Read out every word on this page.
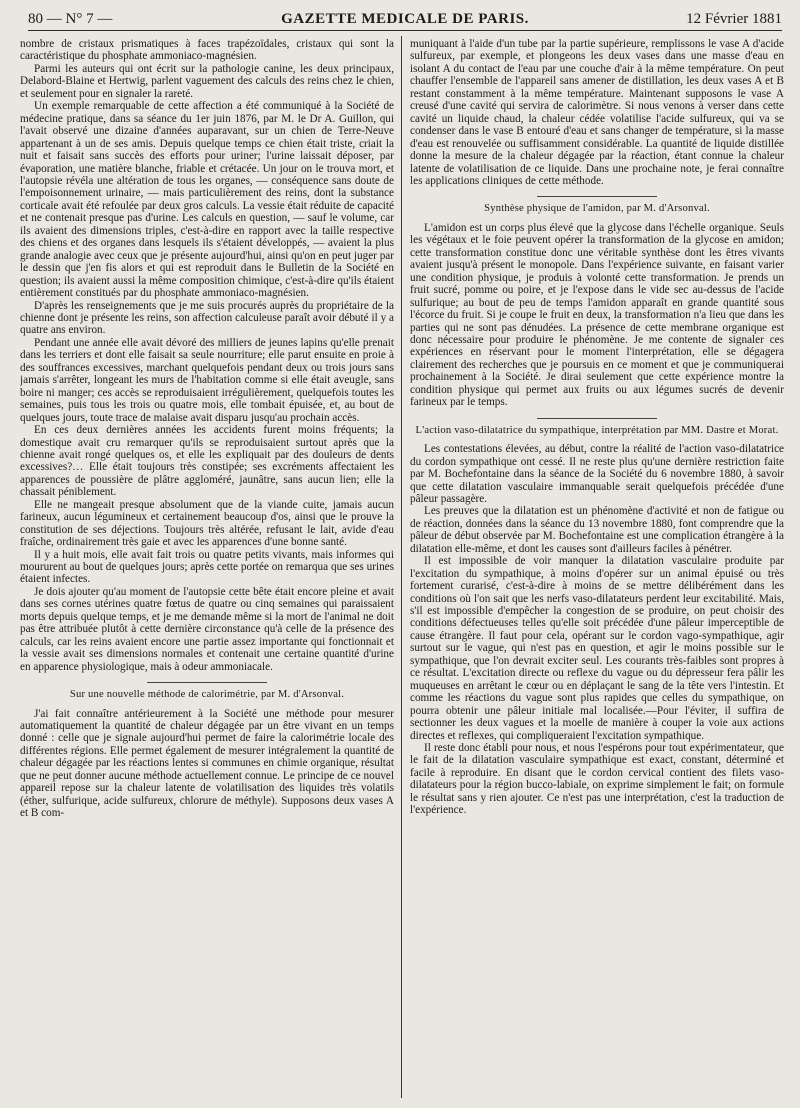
80 — N° 7 —	GAZETTE MEDICALE DE PARIS.	12 Février 1881

nombre de cristaux prismatiques à faces trapézoïdales, cristaux qui sont la caractéristique du phosphate ammoniaco-magnésien.

Parmi les auteurs qui ont écrit sur la pathologie canine, les deux principaux, Delabord-Blaine et Hertwig, parlent vaguement des calculs des reins chez le chien, et seulement pour en signaler la rareté.

Un exemple remarquable de cette affection a été communiqué à la Société de médecine pratique, dans sa séance du 1er juin 1876, par M. le Dr A. Guillon, qui l'avait observé une dizaine d'années auparavant, sur un chien de Terre-Neuve appartenant à un de ses amis. Depuis quelque temps ce chien était triste, criait la nuit et faisait sans succès des efforts pour uriner; l'urine laissait déposer, par évaporation, une matière blanche, friable et crétacée. Un jour on le trouva mort, et l'autopsie révéla une altération de tous les organes, — conséquence sans doute de l'empoisonnement urinaire, — mais particulièrement des reins, dont la substance corticale avait été refoulée par deux gros calculs. La vessie était réduite de capacité et ne contenait presque pas d'urine. Les calculs en question, — sauf le volume, car ils avaient des dimensions triples, c'est-à-dire en rapport avec la taille respective des chiens et des organes dans lesquels ils s'étaient développés, — avaient la plus grande analogie avec ceux que je présente aujourd'hui, ainsi qu'on en peut juger par le dessin que j'en fis alors et qui est reproduit dans le Bulletin de la Société en question; ils avaient aussi la même composition chimique, c'est-à-dire qu'ils étaient entièrement constitués par du phosphate ammoniaco-magnésien.

D'après les renseignements que je me suis procurés auprès du propriétaire de la chienne dont je présente les reins, son affection calculeuse paraît avoir débuté il y a quatre ans environ.

Pendant une année elle avait dévoré des milliers de jeunes lapins qu'elle prenait dans les terriers et dont elle faisait sa seule nourriture; elle parut ensuite en proie à des souffrances excessives, marchant quelquefois pendant deux ou trois jours sans jamais s'arrêter, longeant les murs de l'habitation comme si elle était aveugle, sans boire ni manger; ces accès se reproduisaient irrégulièrement, quelquefois toutes les semaines, puis tous les trois ou quatre mois, elle tombait épuisée, et, au bout de quelques jours, toute trace de malaise avait disparu jusqu'au prochain accès.

En ces deux dernières années les accidents furent moins fréquents; la domestique avait cru remarquer qu'ils se reproduisaient surtout après que la chienne avait rongé quelques os, et elle les expliquait par des douleurs de dents excessives?… Elle était toujours très constipée; ses excréments affectaient les apparences de poussière de plâtre aggloméré, jaunâtre, sans aucun lien; elle la chassait péniblement.

Elle ne mangeait presque absolument que de la viande cuite, jamais aucun farineux, aucun légumineux et certainement beaucoup d'os, ainsi que le prouve la constitution de ses déjections. Toujours très altérée, refusant le lait, avide d'eau fraîche, ordinairement très gaie et avec les apparences d'une bonne santé.

Il y a huit mois, elle avait fait trois ou quatre petits vivants, mais informes qui moururent au bout de quelques jours; après cette portée on remarqua que ses urines étaient infectes.

Je dois ajouter qu'au moment de l'autopsie cette bête était encore pleine et avait dans ses cornes utérines quatre fœtus de quatre ou cinq semaines qui paraissaient morts depuis quelque temps, et je me demande même si la mort de l'animal ne doit pas être attribuée plutôt à cette dernière circonstance qu'à celle de la présence des calculs, car les reins avaient encore une partie assez importante qui fonctionnait et la vessie avait ses dimensions normales et contenait une certaine quantité d'urine en apparence physiologique, mais à odeur ammoniacale.

Sur une nouvelle méthode de calorimétrie, par M. d'Arsonval.

J'ai fait connaître antérieurement à la Société une méthode pour mesurer automatiquement la quantité de chaleur dégagée par un être vivant en un temps donné : celle que je signale aujourd'hui permet de faire la calorimétrie locale des différentes régions. Elle permet également de mesurer intégralement la quantité de chaleur dégagée par les réactions lentes si communes en chimie organique, résultat que ne peut donner aucune méthode actuellement connue. Le principe de ce nouvel appareil repose sur la chaleur latente de volatilisation des liquides très volatils (éther, sulfurique, acide sulfureux, chlorure de méthyle). Supposons deux vases A et B com-

muniquant à l'aide d'un tube par la partie supérieure, remplissons le vase A d'acide sulfureux, par exemple, et plongeons les deux vases dans une masse d'eau en isolant A du contact de l'eau par une couche d'air à la même température. On peut chauffer l'ensemble de l'appareil sans amener de distillation, les deux vases A et B restant constamment à la même température. Maintenant supposons le vase A creusé d'une cavité qui servira de calorimètre. Si nous venons à verser dans cette cavité un liquide chaud, la chaleur cédée volatilise l'acide sulfureux, qui va se condenser dans le vase B entouré d'eau et sans changer de température, si la masse d'eau est renouvelée ou suffisamment considérable. La quantité de liquide distillée donne la mesure de la chaleur dégagée par la réaction, étant connue la chaleur latente de volatilisation de ce liquide. Dans une prochaine note, je ferai connaître les applications cliniques de cette méthode.

Synthèse physique de l'amidon, par M. d'Arsonval.

L'amidon est un corps plus élevé que la glycose dans l'échelle organique. Seuls les végétaux et le foie peuvent opérer la transformation de la glycose en amidon; cette transformation constitue donc une véritable synthèse dont les êtres vivants avaient jusqu'à présent le monopole. Dans l'expérience suivante, en faisant varier une condition physique, je produis à volonté cette transformation. Je prends un fruit sucré, pomme ou poire, et je l'expose dans le vide sec au-dessus de l'acide sulfurique; au bout de peu de temps l'amidon apparaît en grande quantité sous l'écorce du fruit. Si je coupe le fruit en deux, la transformation n'a lieu que dans les parties qui ne sont pas dénudées. La présence de cette membrane organique est donc nécessaire pour produire le phénomène. Je me contente de signaler ces expériences en réservant pour le moment l'interprétation, elle se dégagera clairement des recherches que je poursuis en ce moment et que je communiquerai prochainement à la Société. Je dirai seulement que cette expérience montre la condition physique qui permet aux fruits ou aux légumes sucrés de devenir farineux par le temps.

L'action vaso-dilatatrice du sympathique, interprétation par MM. Dastre et Morat.

Les contestations élevées, au début, contre la réalité de l'action vaso-dilatatrice du cordon sympathique ont cessé. Il ne reste plus qu'une dernière restriction faite par M. Bochefontaine dans la séance de la Société du 6 novembre 1880, à savoir que cette dilatation vasculaire immanquable serait quelquefois précédée d'une pâleur passagère.

Les preuves que la dilatation est un phénomène d'activité et non de fatigue ou de réaction, données dans la séance du 13 novembre 1880, font comprendre que la pâleur de début observée par M. Bochefontaine est une complication étrangère à la dilatation elle-même, et dont les causes sont d'ailleurs faciles à pénétrer.

Il est impossible de voir manquer la dilatation vasculaire produite par l'excitation du sympathique, à moins d'opérer sur un animal épuisé ou très fortement curarisé, c'est-à-dire à moins de se mettre délibérément dans les conditions où l'on sait que les nerfs vaso-dilatateurs perdent leur excitabilité. Mais, s'il est impossible d'empêcher la congestion de se produire, on peut choisir des conditions défectueuses telles qu'elle soit précédée d'une pâleur imperceptible de cause étrangère. Il faut pour cela, opérant sur le cordon vago-sympathique, agir surtout sur le vague, qui n'est pas en question, et agir le moins possible sur le sympathique, que l'on devrait exciter seul. Les courants très-faibles sont propres à ce résultat. L'excitation directe ou reflexe du vague ou du dépresseur fera pâlir les muqueuses en arrêtant le cœur ou en déplaçant le sang de la tête vers l'intestin. Et comme les réactions du vague sont plus rapides que celles du sympathique, on pourra obtenir une pâleur initiale mal localisée.—Pour l'éviter, il suffira de sectionner les deux vagues et la moelle de manière à couper la voie aux actions directes et reflexes, qui compliqueraient l'excitation sympathique.

Il reste donc établi pour nous, et nous l'espérons pour tout expérimentateur, que le fait de la dilatation vasculaire sympathique est exact, constant, déterminé et facile à reproduire. En disant que le cordon cervical contient des filets vaso-dilatateurs pour la région bucco-labiale, on exprime simplement le fait; on formule le résultat sans y rien ajouter. Ce n'est pas une interprétation, c'est la traduction de l'expérience.
